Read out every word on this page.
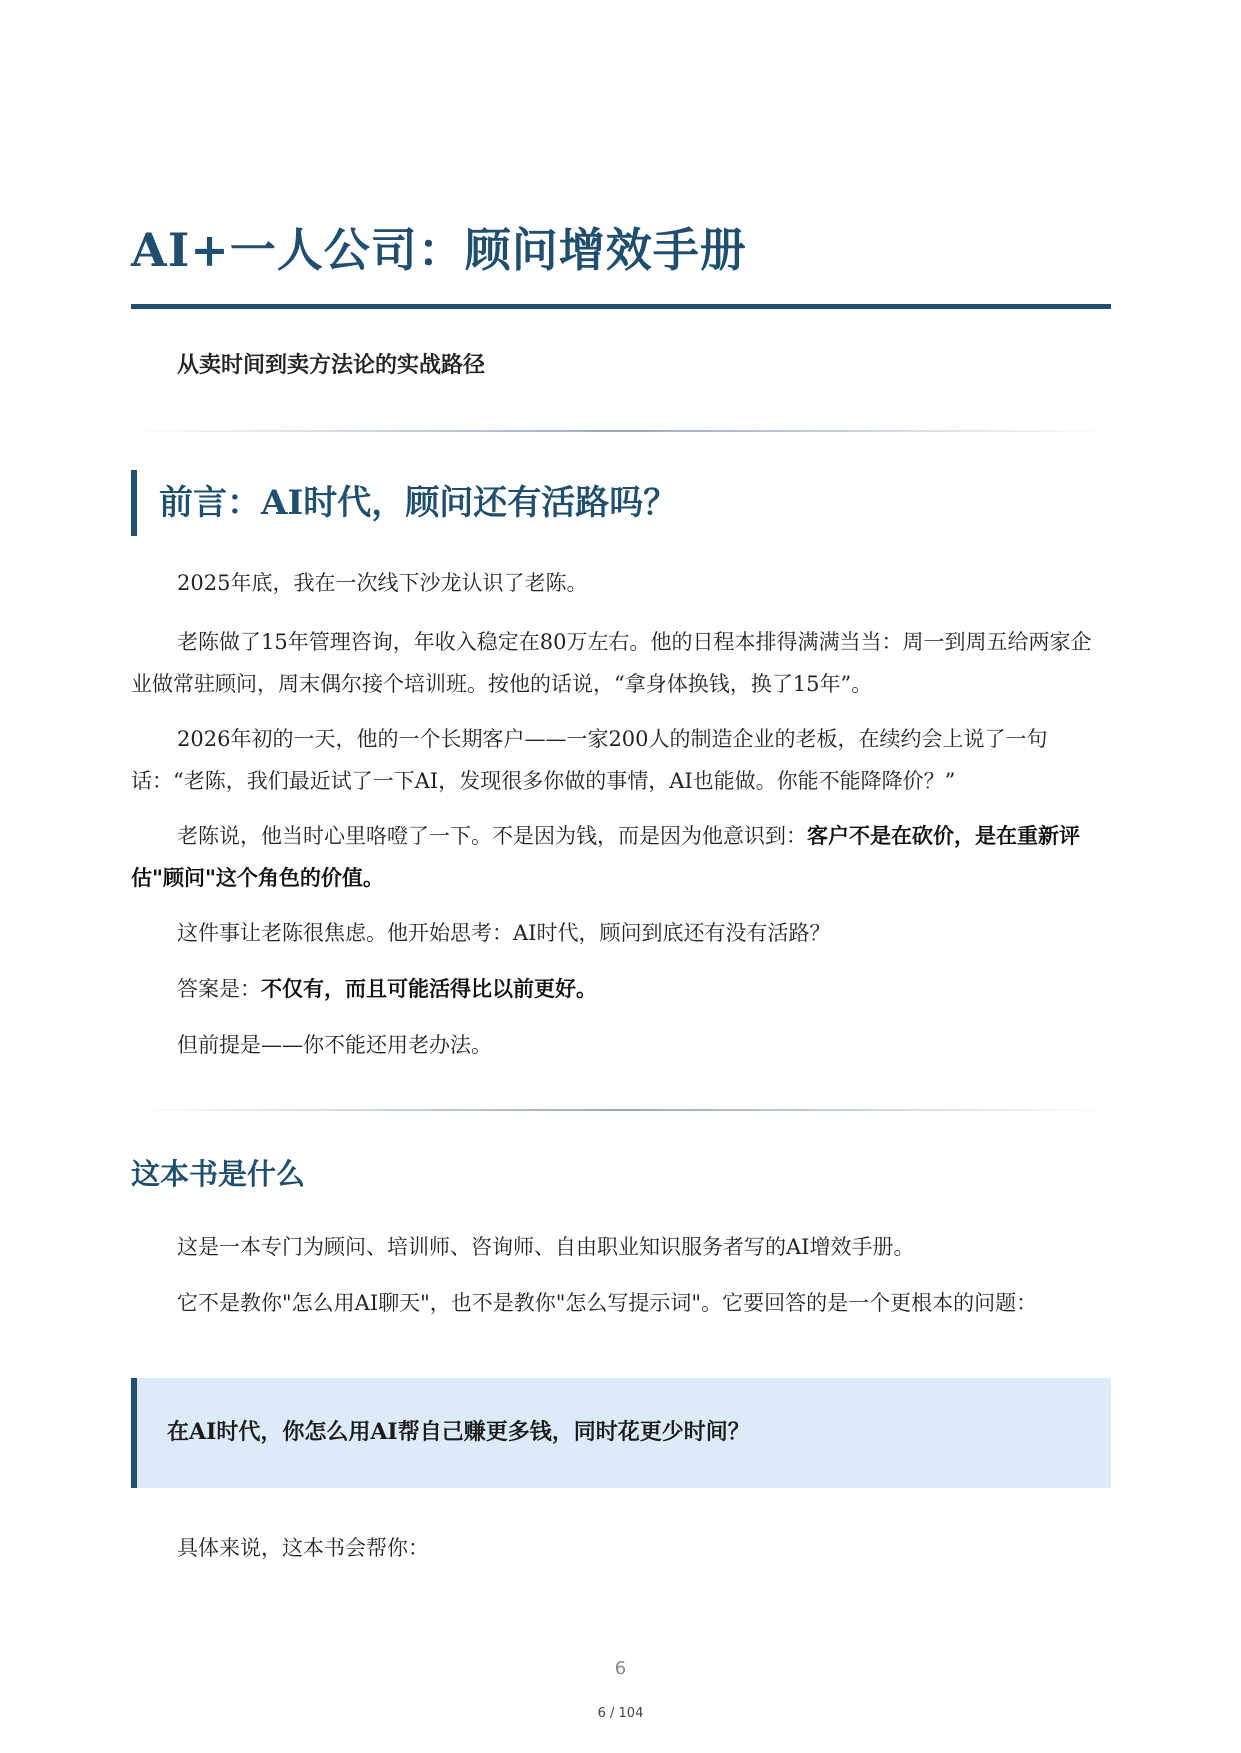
AI+一人公司：顾问增效手册
从卖时间到卖方法论的实战路径
前言：AI时代，顾问还有活路吗？
2025年底，我在一次线下沙龙认识了老陈。
老陈做了15年管理咨询，年收入稳定在80万左右。他的日程本排得满满当当：周一到周五给两家企业做常驻顾问，周末偶尔接个培训班。按他的话说，“拿身体换钱，换了15年”。
2026年初的一天，他的一个长期客户——一家200人的制造企业的老板，在续约会上说了一句话：“老陈，我们最近试了一下AI，发现很多你做的事情，AI也能做。你能不能降降价？”
老陈说，他当时心里咯噔了一下。不是因为钱，而是因为他意识到：客户不是在砍价，是在重新评估"顾问"这个角色的价值。
这件事让老陈很焦虑。他开始思考：AI时代，顾问到底还有没有活路？
答案是：不仅有，而且可能活得比以前更好。
但前提是——你不能还用老办法。
这本书是什么
这是一本专门为顾问、培训师、咨询师、自由职业知识服务者写的AI增效手册。
它不是教你"怎么用AI聊天"，也不是教你"怎么写提示词"。它要回答的是一个更根本的问题：
在AI时代，你怎么用AI帮自己赚更多钱，同时花更少时间？
具体来说，这本书会帮你：
6
6 / 104
